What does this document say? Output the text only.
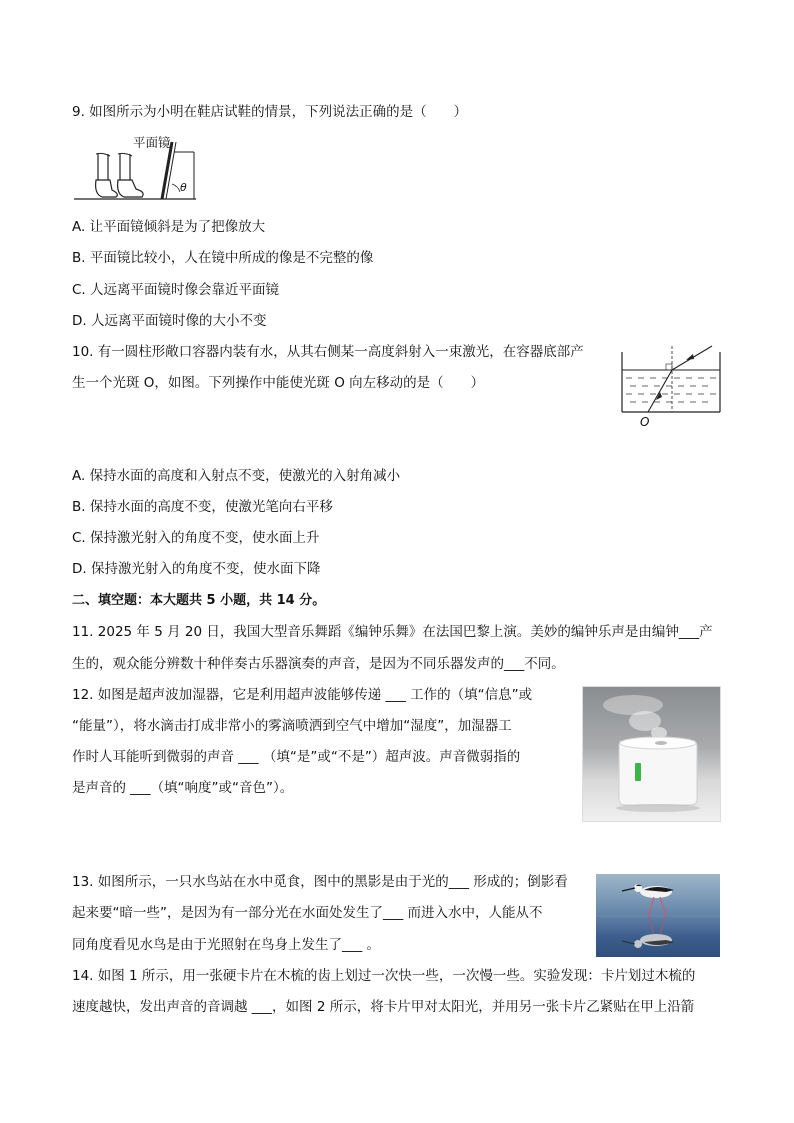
9. 如图所示为小明在鞋店试鞋的情景，下列说法正确的是（　　）
平面镜
θ
A. 让平面镜倾斜是为了把像放大
B. 平面镜比较小，人在镜中所成的像是不完整的像
C. 人远离平面镜时像会靠近平面镜
D. 人远离平面镜时像的大小不变
10. 有一圆柱形敞口容器内装有水，从其右侧某一高度斜射入一束激光，在容器底部产
生一个光斑 O，如图。下列操作中能使光斑 O 向左移动的是（　　）
O
A. 保持水面的高度和入射点不变，使激光的入射角减小
B. 保持水面的高度不变，使激光笔向右平移
C. 保持激光射入的角度不变，使水面上升
D. 保持激光射入的角度不变，使水面下降
二、填空题：本大题共 5 小题，共 14 分。
11. 2025 年 5 月 20 日，我国大型音乐舞蹈《编钟乐舞》在法国巴黎上演。美妙的编钟乐声是由编钟___产
生的，观众能分辨数十种伴奏古乐器演奏的声音，是因为不同乐器发声的___不同。
12. 如图是超声波加湿器，它是利用超声波能够传递 ___ 工作的（填“信息”或
“能量”），将水滴击打成非常小的雾滴喷洒到空气中增加“湿度”，加湿器工
作时人耳能听到微弱的声音 ___ （填“是”或“不是”）超声波。声音微弱指的
是声音的 ___（填“响度”或“音色”）。
13. 如图所示，一只水鸟站在水中觅食，图中的黑影是由于光的___ 形成的；倒影看
起来要“暗一些”，是因为有一部分光在水面处发生了___ 而进入水中，人能从不
同角度看见水鸟是由于光照射在鸟身上发生了___ 。
14. 如图 1 所示，用一张硬卡片在木梳的齿上划过一次快一些，一次慢一些。实验发现：卡片划过木梳的
速度越快，发出声音的音调越 ___，如图 2 所示，将卡片甲对太阳光，并用另一张卡片乙紧贴在甲上沿箭
